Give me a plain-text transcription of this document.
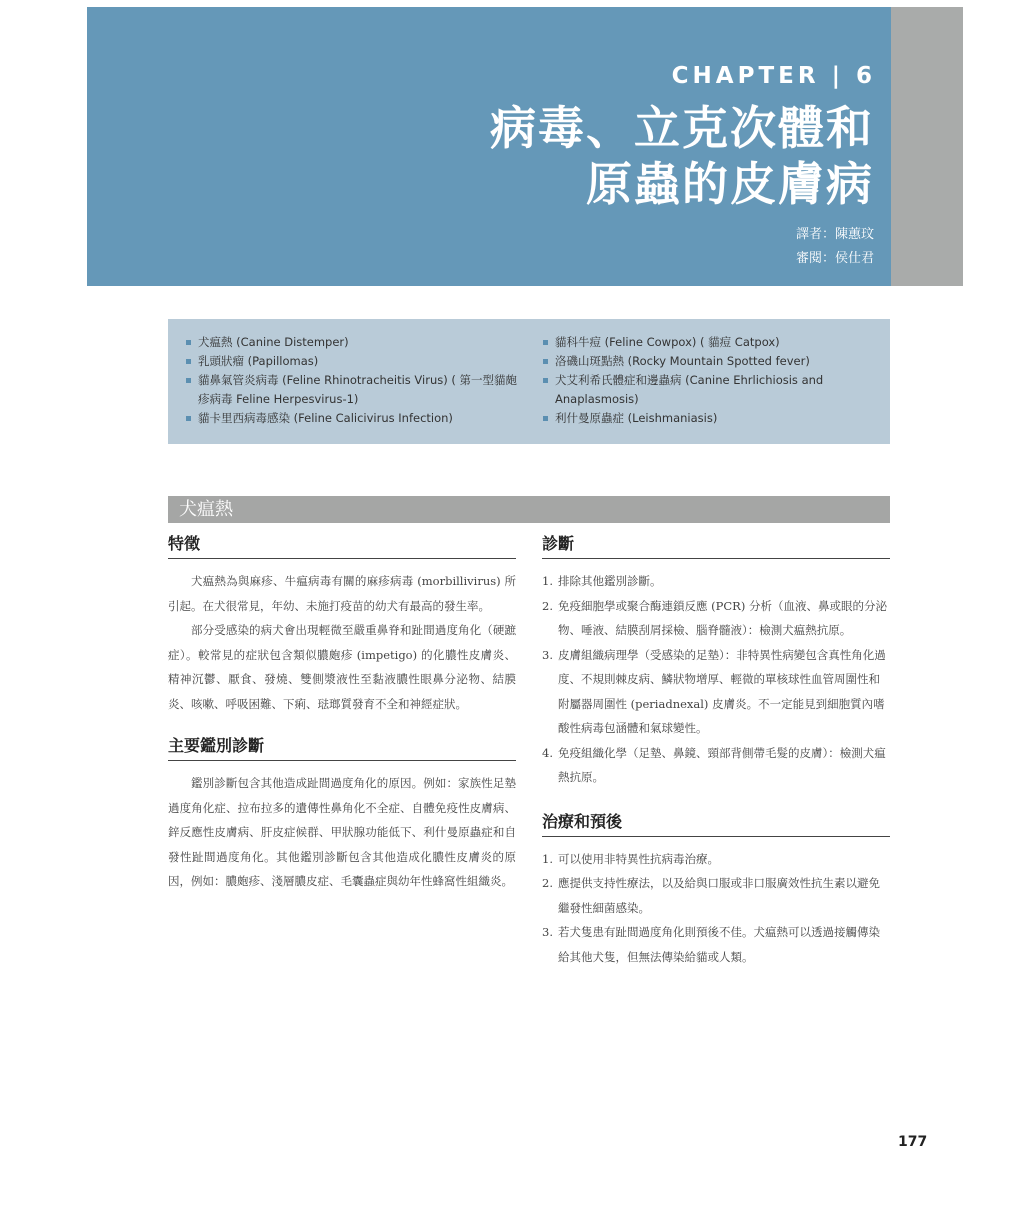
CHAPTER | 6
病毒、立克次體和
原蟲的皮膚病
譯者：陳蕙玟
審閱：侯仕君
犬瘟熱 (Canine Distemper)
乳頭狀瘤 (Papillomas)
貓鼻氣管炎病毒 (Feline Rhinotracheitis Virus) ( 第一型貓皰疹病毒 Feline Herpesvirus-1)
貓卡里西病毒感染 (Feline Calicivirus Infection)
貓科牛痘 (Feline Cowpox) ( 貓痘 Catpox)
洛磯山斑點熱 (Rocky Mountain Spotted fever)
犬艾利希氏體症和邊蟲病 (Canine Ehrlichiosis and Anaplasmosis)
利什曼原蟲症 (Leishmaniasis)
犬瘟熱
特徵

犬瘟熱為與麻疹、牛瘟病毒有關的麻疹病毒 (morbillivirus) 所引起。在犬很常見，年幼、未施打疫苗的幼犬有最高的發生率。

部分受感染的病犬會出現輕微至嚴重鼻脊和趾間過度角化（硬蹠症）。較常見的症狀包含類似膿皰疹 (impetigo) 的化膿性皮膚炎、精神沉鬱、厭食、發燒、雙側漿液性至黏液膿性眼鼻分泌物、結膜炎、咳嗽、呼吸困難、下痢、琺瑯質發育不全和神經症狀。

主要鑑別診斷

鑑別診斷包含其他造成趾間過度角化的原因。例如：家族性足墊過度角化症、拉布拉多的遺傳性鼻角化不全症、自體免疫性皮膚病、鋅反應性皮膚病、肝皮症候群、甲狀腺功能低下、利什曼原蟲症和自發性趾間過度角化。其他鑑別診斷包含其他造成化膿性皮膚炎的原因，例如：膿皰疹、淺層膿皮症、毛囊蟲症與幼年性蜂窩性組織炎。

診斷
1. 排除其他鑑別診斷。
2. 免疫細胞學或聚合酶連鎖反應 (PCR) 分析（血液、鼻或眼的分泌物、唾液、結膜刮屑採檢、腦脊髓液）：檢測犬瘟熱抗原。
3. 皮膚組織病理學（受感染的足墊）：非特異性病變包含真性角化過度、不規則棘皮病、鱗狀物增厚、輕微的單核球性血管周圍性和附屬器周圍性 (periadnexal) 皮膚炎。不一定能見到細胞質內嗜酸性病毒包涵體和氣球變性。
4. 免疫組織化學（足墊、鼻鏡、頸部背側帶毛髮的皮膚）：檢測犬瘟熱抗原。
治療和預後
1. 可以使用非特異性抗病毒治療。
2. 應提供支持性療法，以及給與口服或非口服廣效性抗生素以避免繼發性細菌感染。
3. 若犬隻患有趾間過度角化則預後不佳。犬瘟熱可以透過接觸傳染給其他犬隻，但無法傳染給貓或人類。
177
